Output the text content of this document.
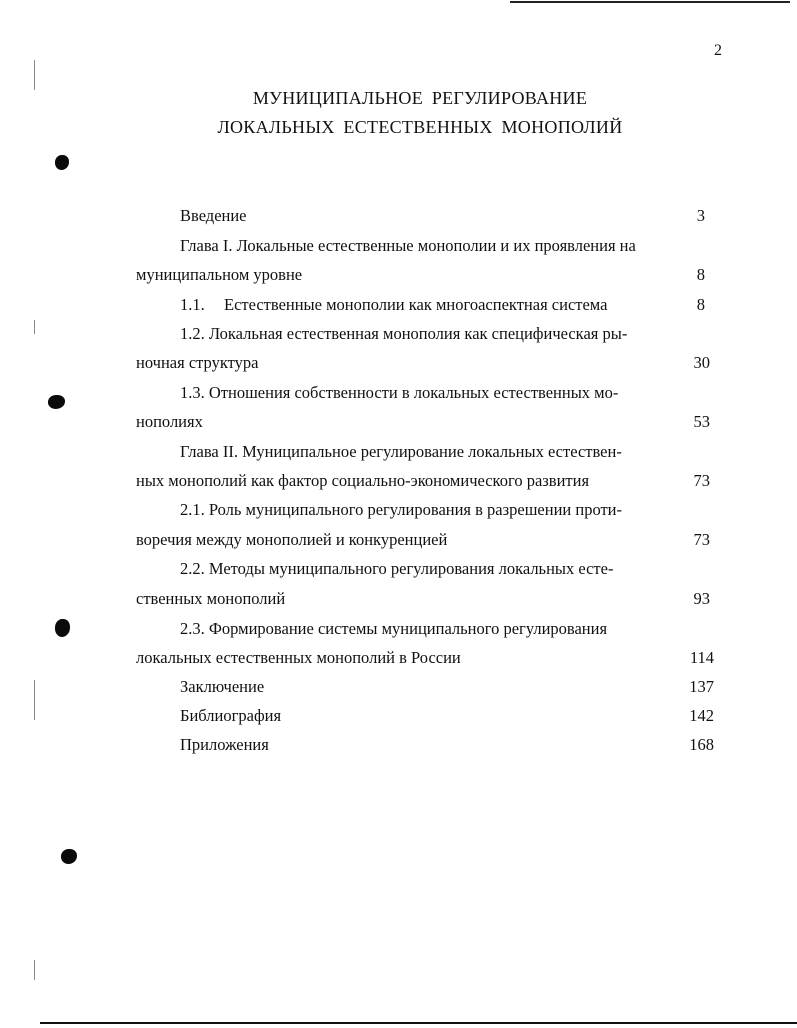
2
МУНИЦИПАЛЬНОЕ РЕГУЛИРОВАНИЕ
ЛОКАЛЬНЫХ ЕСТЕСТВЕННЫХ МОНОПОЛИЙ
Введение	3
Глава I. Локальные естественные монополии и их проявления на
муниципальном уровне	8
1.1. Естественные монополии как многоаспектная система	8
1.2. Локальная естественная монополия как специфическая ры-
ночная структура	30
1.3. Отношения собственности в локальных естественных мо-
нополиях	53
Глава II. Муниципальное регулирование локальных естествен-
ных монополий как фактор социально-экономического развития	73
2.1. Роль муниципального регулирования в разрешении проти-
воречия между монополией и конкуренцией	73
2.2. Методы муниципального регулирования локальных есте-
ственных монополий	93
2.3. Формирование системы муниципального регулирования
локальных естественных монополий в России	114
Заключение	137
Библиография	142
Приложения	168
